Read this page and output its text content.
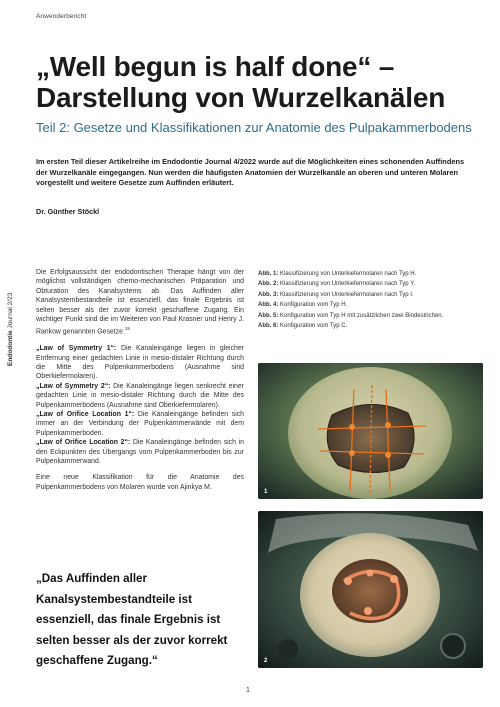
Anwenderbericht
„Well begun is half done“ – Darstellung von Wurzelkanälen
Teil 2: Gesetze und Klassifikationen zur Anatomie des Pulpakammerbodens
Im ersten Teil dieser Artikelreihe im Endodontie Journal 4/2022 wurde auf die Möglichkeiten eines schonenden Auffindens der Wurzelkanäle eingegangen. Nun werden die häufigsten Anatomien der Wurzelkanäle an oberen und unteren Molaren vorgestellt und weitere Gesetze zum Auffinden erläutert.
Dr. Günther Stöckl
Endodontie Journal 2/23

Die Erfolgsaussicht der endodontischen Therapie hängt von der möglichst vollständigen chemo-mechanischen Präparation und Obturation des Kanalsystems ab. Das Auffinden aller Kanalsystembestandteile ist essenziell, das finale Ergebnis ist selten besser als der zuvor korrekt geschaffene Zugang. Ein wichtiger Punkt sind die im Weiteren von Paul Krasner und Henry J. Rankow genannten Gesetze.$^{15}$

„Law of Symmetry 1“: Die Kanaleingänge liegen in gleicher Entfernung einer gedachten Linie in mesio-distaler Richtung durch die Mitte des Pulpenkammerbodens (Ausnahme sind Oberkiefermolaren).

„Law of Symmetry 2“: Die Kanaleingänge liegen senkrecht einer gedachten Linie in mesio-distaler Richtung durch die Mitte des Pulpenkammerbodens (Ausnahme sind Oberkiefermolaren).

„Law of Orifice Location 1“: Die Kanaleingänge befinden sich immer an der Verbindung der Pulpenkammerwände mit dem Pulpenkammerboden.

„Law of Orifice Location 2“: Die Kanaleingänge befinden sich in den Eckpunkten des Übergangs vom Pulpenkammerboden bis zur Pulpenkammerwand.

Eine neue Klassifikation für die Anatomie des Pulpenkammerbodens von Molaren wurde von Ajinkya M.

„Das Auffinden aller Kanalsystembestandteile ist essenziell, das finale Ergebnis ist selten besser als der zuvor korrekt geschaffene Zugang.“
Abb. 1: Klassifizierung von Unterkiefermolaren nach Typ H.
Abb. 2: Klassifizierung von Unterkiefermolaren nach Typ Y.
Abb. 3: Klassifizierung von Unterkiefermolaren nach Typ I.
Abb. 4: Konfiguration vom Typ H.
Abb. 5: Konfiguration vom Typ H mit zusätzlichen zwei Bindestrichen.
Abb. 6: Konfiguration vom Typ C.
1
2
1
